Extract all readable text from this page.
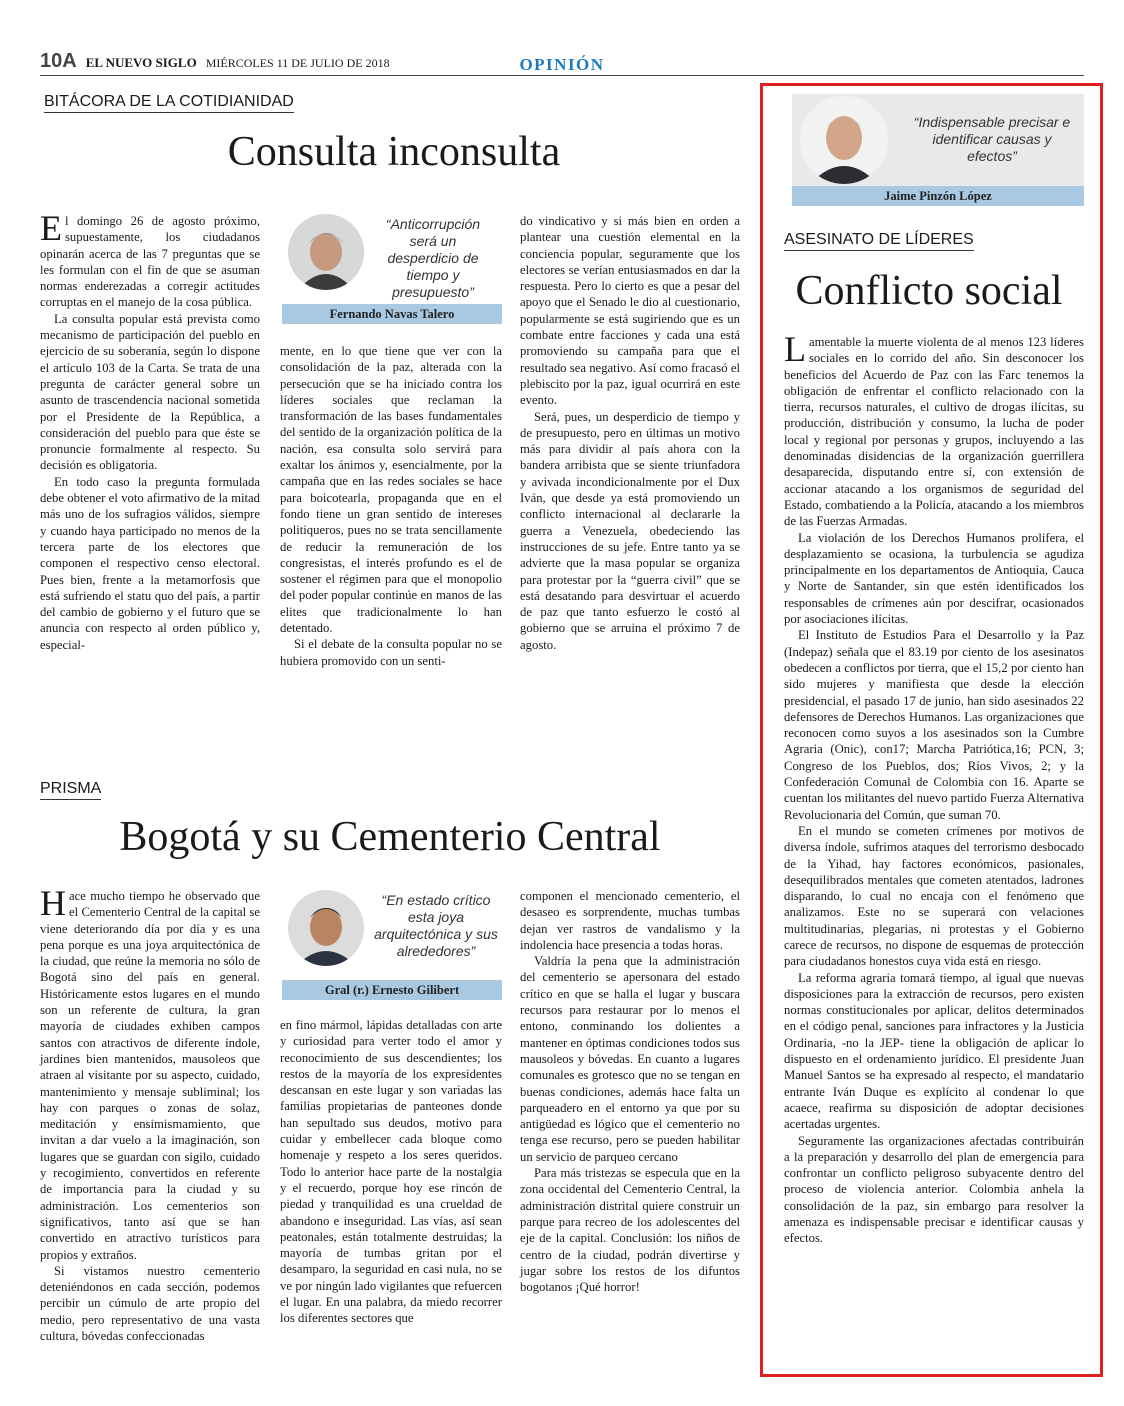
10A EL NUEVO SIGLO MIÉRCOLES 11 DE JULIO DE 2018	OPINIÓN
BITÁCORA DE LA COTIDIANIDAD
Consulta inconsulta

El domingo 26 de agosto próximo, supuestamente, los ciudadanos opinarán acerca de las 7 preguntas que se les formulan con el fin de que se asuman normas enderezadas a corregir actitudes corruptas en el manejo de la cosa pública.

La consulta popular está prevista como mecanismo de participación del pueblo en ejercicio de su soberanía, según lo dispone el artículo 103 de la Carta. Se trata de una pregunta de carácter general sobre un asunto de trascendencia nacional sometida por el Presidente de la República, a consideración del pueblo para que éste se pronuncie formalmente al respecto. Su decisión es obligatoria.

En todo caso la pregunta formulada debe obtener el voto afirmativo de la mitad más uno de los sufragios válidos, siempre y cuando haya participado no menos de la tercera parte de los electores que componen el respectivo censo electoral. Pues bien, frente a la metamorfosis que está sufriendo el statu quo del país, a partir del cambio de gobierno y el futuro que se anuncia con respecto al orden público y, especial-

“Anticorrupción será un desperdicio de tiempo y presupuesto”
Fernando Navas Talero

mente, en lo que tiene que ver con la consolidación de la paz, alterada con la persecución que se ha iniciado contra los líderes sociales que reclaman la transformación de las bases fundamentales del sentido de la organización política de la nación, esa consulta solo servirá para exaltar los ánimos y, esencialmente, por la campaña que en las redes sociales se hace para boicotearla, propaganda que en el fondo tiene un gran sentido de intereses politiqueros, pues no se trata sencillamente de reducir la remuneración de los congresistas, el interés profundo es el de sostener el régimen para que el monopolio del poder popular continúe en manos de las elites que tradicionalmente lo han detentado.

Si el debate de la consulta popular no se hubiera promovido con un senti-

do vindicativo y si más bien en orden a plantear una cuestión elemental en la conciencia popular, seguramente que los electores se verían entusiasmados en dar la respuesta. Pero lo cierto es que a pesar del apoyo que el Senado le dio al cuestionario, popularmente se está sugiriendo que es un combate entre facciones y cada una está promoviendo su campaña para que el resultado sea negativo. Así como fracasó el plebiscito por la paz, igual ocurrirá en este evento.

Será, pues, un desperdicio de tiempo y de presupuesto, pero en últimas un motivo más para dividir al país ahora con la bandera arribista que se siente triunfadora y avivada incondicionalmente por el Dux Iván, que desde ya está promoviendo un conflicto internacional al declararle la guerra a Venezuela, obedeciendo las instrucciones de su jefe. Entre tanto ya se advierte que la masa popular se organiza para protestar por la “guerra civil” que se está desatando para desvirtuar el acuerdo de paz que tanto esfuerzo le costó al gobierno que se arruina el próximo 7 de agosto.

PRISMA
Bogotá y su Cementerio Central

Hace mucho tiempo he observado que el Cementerio Central de la capital se viene deteriorando día por día y es una pena porque es una joya arquitectónica de la ciudad, que reúne la memoria no sólo de Bogotá sino del país en general. Históricamente estos lugares en el mundo son un referente de cultura, la gran mayoría de ciudades exhiben campos santos con atractivos de diferente índole, jardines bien mantenidos, mausoleos que atraen al visitante por su aspecto, cuidado, mantenimiento y mensaje subliminal; los hay con parques o zonas de solaz, meditación y ensimismamiento, que invitan a dar vuelo a la imaginación, son lugares que se guardan con sigilo, cuidado y recogimiento, convertidos en referente de importancia para la ciudad y su administración. Los cementerios son significativos, tanto así que se han convertido en atractivo turísticos para propios y extraños.

Si vistamos nuestro cementerio deteniéndonos en cada sección, podemos percibir un cúmulo de arte propio del medio, pero representativo de una vasta cultura, bóvedas confeccionadas

“En estado crítico esta joya arquitectónica y sus alrededores”
Gral (r.) Ernesto Gilibert

en fino mármol, lápidas detalladas con arte y curiosidad para verter todo el amor y reconocimiento de sus descendientes; los restos de la mayoría de los expresidentes descansan en este lugar y son variadas las familias propietarias de panteones donde han sepultado sus deudos, motivo para cuidar y embellecer cada bloque como homenaje y respeto a los seres queridos. Todo lo anterior hace parte de la nostalgia y el recuerdo, porque hoy ese rincón de piedad y tranquilidad es una crueldad de abandono e inseguridad. Las vías, así sean peatonales, están totalmente destruidas; la mayoría de tumbas gritan por el desamparo, la seguridad en casi nula, no se ve por ningún lado vigilantes que refuercen el lugar. En una palabra, da miedo recorrer los diferentes sectores que

componen el mencionado cementerio, el desaseo es sorprendente, muchas tumbas dejan ver rastros de vandalismo y la indolencia hace presencia a todas horas.

Valdría la pena que la administración del cementerio se apersonara del estado crítico en que se halla el lugar y buscara recursos para restaurar por lo menos el entono, conminando los dolientes a mantener en óptimas condiciones todos sus mausoleos y bóvedas. En cuanto a lugares comunales es grotesco que no se tengan en buenas condiciones, además hace falta un parqueadero en el entorno ya que por su antigüedad es lógico que el cementerio no tenga ese recurso, pero se pueden habilitar un servicio de parqueo cercano

Para más tristezas se especula que en la zona occidental del Cementerio Central, la administración distrital quiere construir un parque para recreo de los adolescentes del eje de la capital. Conclusión: los niños de centro de la ciudad, podrán divertirse y jugar sobre los restos de los difuntos bogotanos ¡Qué horror!

“Indispensable precisar e identificar causas y efectos”
Jaime Pinzón López
ASESINATO DE LÍDERES
Conflicto social

Lamentable la muerte violenta de al menos 123 líderes sociales en lo corrido del año. Sin desconocer los beneficios del Acuerdo de Paz con las Farc tenemos la obligación de enfrentar el conflicto relacionado con la tierra, recursos naturales, el cultivo de drogas ilícitas, su producción, distribución y consumo, la lucha de poder local y regional por personas y grupos, incluyendo a las denominadas disidencias de la organización guerrillera desaparecida, disputando entre sí, con extensión de accionar atacando a los organismos de seguridad del Estado, combatiendo a la Policía, atacando a los miembros de las Fuerzas Armadas.

La violación de los Derechos Humanos prolifera, el desplazamiento se ocasiona, la turbulencia se agudiza principalmente en los departamentos de Antioquia, Cauca y Norte de Santander, sin que estén identificados los responsables de crímenes aún por descifrar, ocasionados por asociaciones ilícitas.

El Instituto de Estudios Para el Desarrollo y la Paz (Indepaz) señala que el 83.19 por ciento de los asesinatos obedecen a conflictos por tierra, que el 15,2 por ciento han sido mujeres y manifiesta que desde la elección presidencial, el pasado 17 de junio, han sido asesinados 22 defensores de Derechos Humanos. Las organizaciones que reconocen como suyos a los asesinados son la Cumbre Agraria (Onic), con17; Marcha Patriótica,16; PCN, 3; Congreso de los Pueblos, dos; Ríos Vivos, 2; y la Confederación Comunal de Colombia con 16. Aparte se cuentan los militantes del nuevo partido Fuerza Alternativa Revolucionaria del Común, que suman 70.

En el mundo se cometen crímenes por motivos de diversa índole, sufrimos ataques del terrorismo desbocado de la Yihad, hay factores económicos, pasionales, desequilibrados mentales que cometen atentados, ladrones disparando, lo cual no encaja con el fenómeno que analizamos. Este no se superará con velaciones multitudinarias, plegarias, ni protestas y el Gobierno carece de recursos, no dispone de esquemas de protección para ciudadanos honestos cuya vida está en riesgo.

La reforma agraria tomará tiempo, al igual que nuevas disposiciones para la extracción de recursos, pero existen normas constitucionales por aplicar, delitos determinados en el código penal, sanciones para infractores y la Justicia Ordinaria, -no la JEP- tiene la obligación de aplicar lo dispuesto en el ordenamiento jurídico. El presidente Juan Manuel Santos se ha expresado al respecto, el mandatario entrante Iván Duque es explícito al condenar lo que acaece, reafirma su disposición de adoptar decisiones acertadas urgentes.

Seguramente las organizaciones afectadas contribuirán a la preparación y desarrollo del plan de emergencia para confrontar un conflicto peligroso subyacente dentro del proceso de violencia anterior. Colombia anhela la consolidación de la paz, sin embargo para resolver la amenaza es indispensable precisar e identificar causas y efectos.
